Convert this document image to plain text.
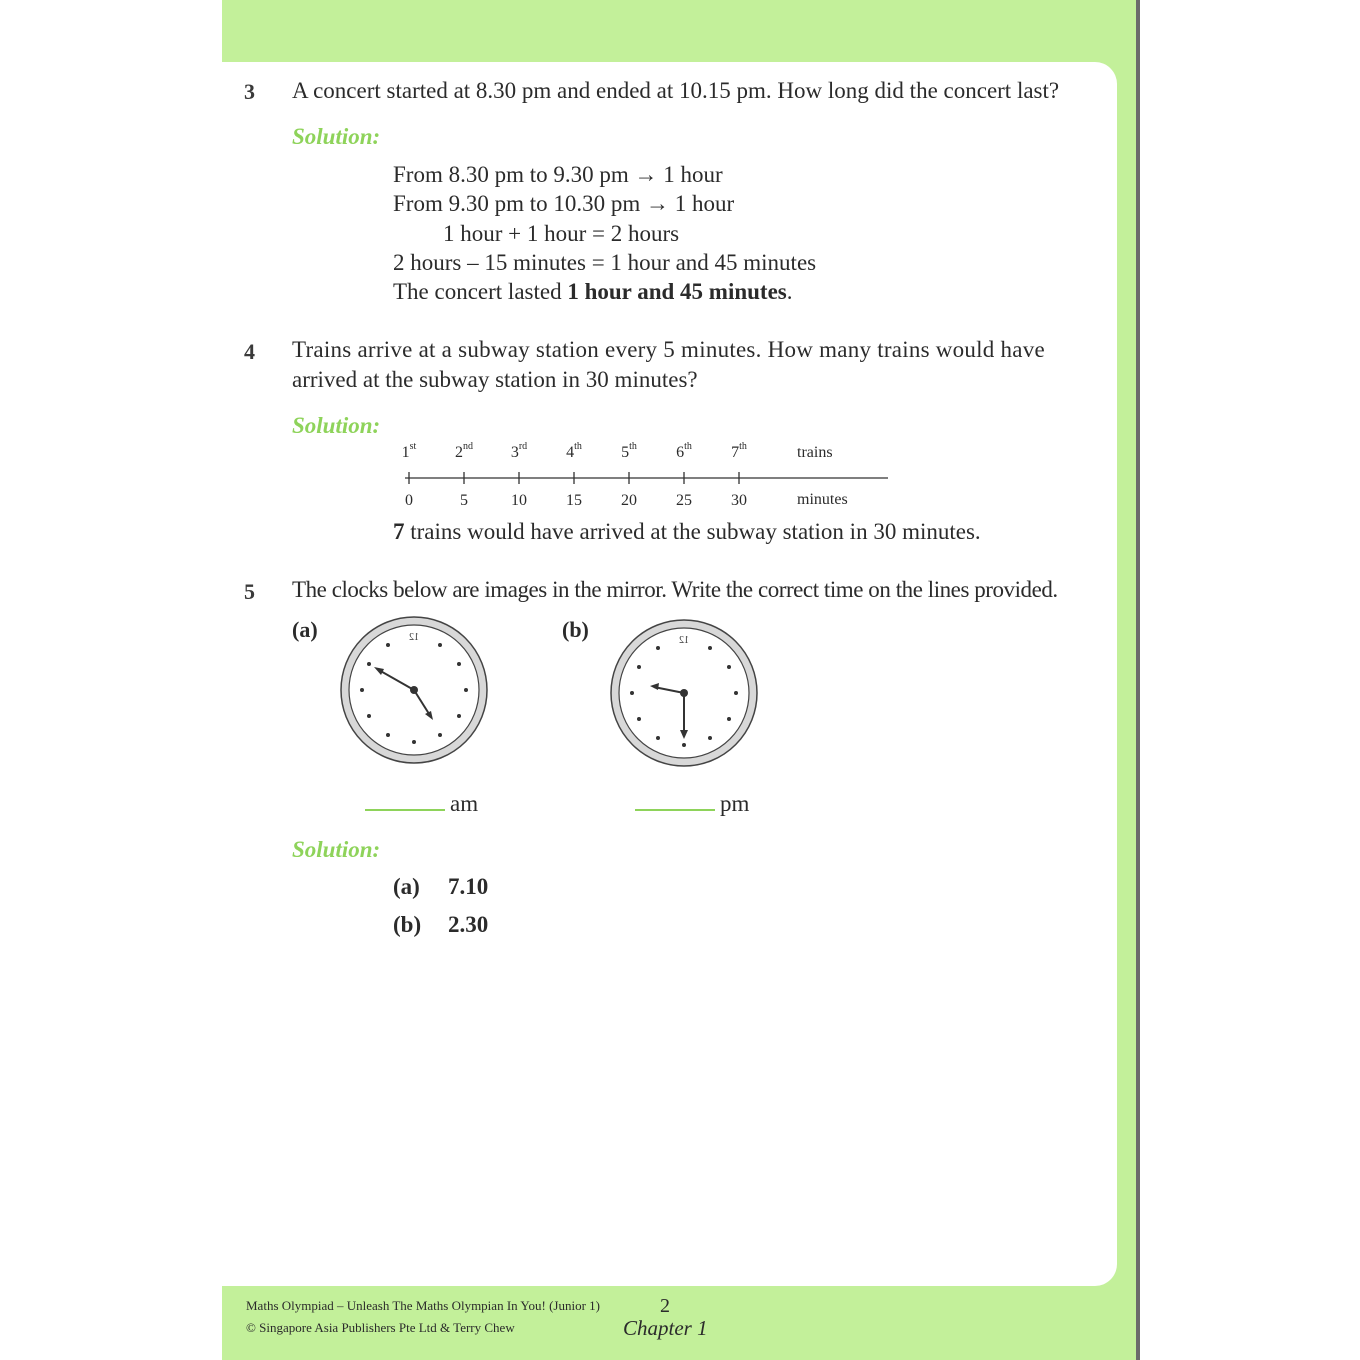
3 A concert started at 8.30 pm and ended at 10.15 pm. How long did the concert last?
Solution:
From 8.30 pm to 9.30 pm → 1 hour
From 9.30 pm to 10.30 pm → 1 hour
1 hour + 1 hour = 2 hours
2 hours – 15 minutes = 1 hour and 45 minutes
The concert lasted 1 hour and 45 minutes.
4 Trains arrive at a subway station every 5 minutes. How many trains would have
arrived at the subway station in 30 minutes?
Solution:
1st	2nd	3rd	4th	5th	6th	7th	trains
0	5	10	15	20	25	30	minutes
7 trains would have arrived at the subway station in 30 minutes.
5 The clocks below are images in the mirror. Write the correct time on the lines provided.
(a)	12	(b)	12
am	pm
Solution:
(a) 7.10
(b) 2.30
Maths Olympiad – Unleash The Maths Olympian In You! (Junior 1)
© Singapore Asia Publishers Pte Ltd & Terry Chew
2
Chapter 1
